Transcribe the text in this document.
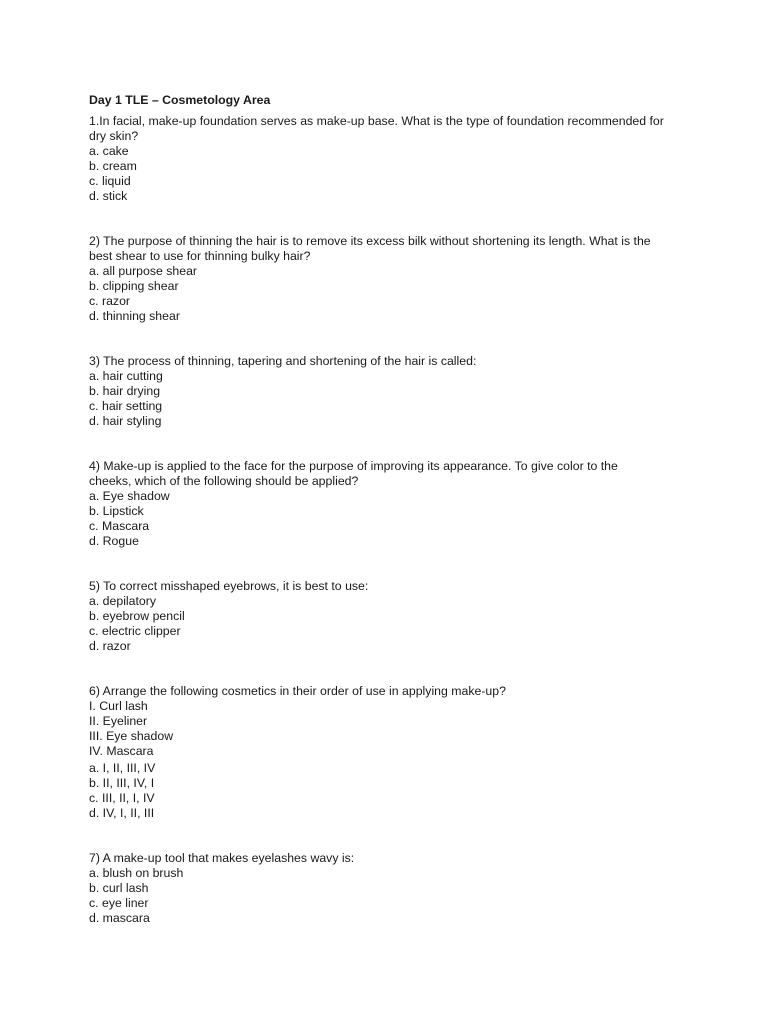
Day 1 TLE – Cosmetology Area
1.In facial, make-up foundation serves as make-up base. What is the type of foundation recommended for
dry skin?
a. cake
b. cream
c. liquid
d. stick
2) The purpose of thinning the hair is to remove its excess bilk without shortening its length. What is the
best shear to use for thinning bulky hair?
a. all purpose shear
b. clipping shear
c. razor
d. thinning shear
3) The process of thinning, tapering and shortening of the hair is called:
a. hair cutting
b. hair drying
c. hair setting
d. hair styling
4) Make-up is applied to the face for the purpose of improving its appearance. To give color to the
cheeks, which of the following should be applied?
a. Eye shadow
b. Lipstick
c. Mascara
d. Rogue
5) To correct misshaped eyebrows, it is best to use:
a. depilatory
b. eyebrow pencil
c. electric clipper
d. razor
6) Arrange the following cosmetics in their order of use in applying make-up?
I. Curl lash
II. Eyeliner
III. Eye shadow
IV. Mascara
a. I, II, III, IV
b. II, III, IV, I
c. III, II, I, IV
d. IV, I, II, III
7) A make-up tool that makes eyelashes wavy is:
a. blush on brush
b. curl lash
c. eye liner
d. mascara
